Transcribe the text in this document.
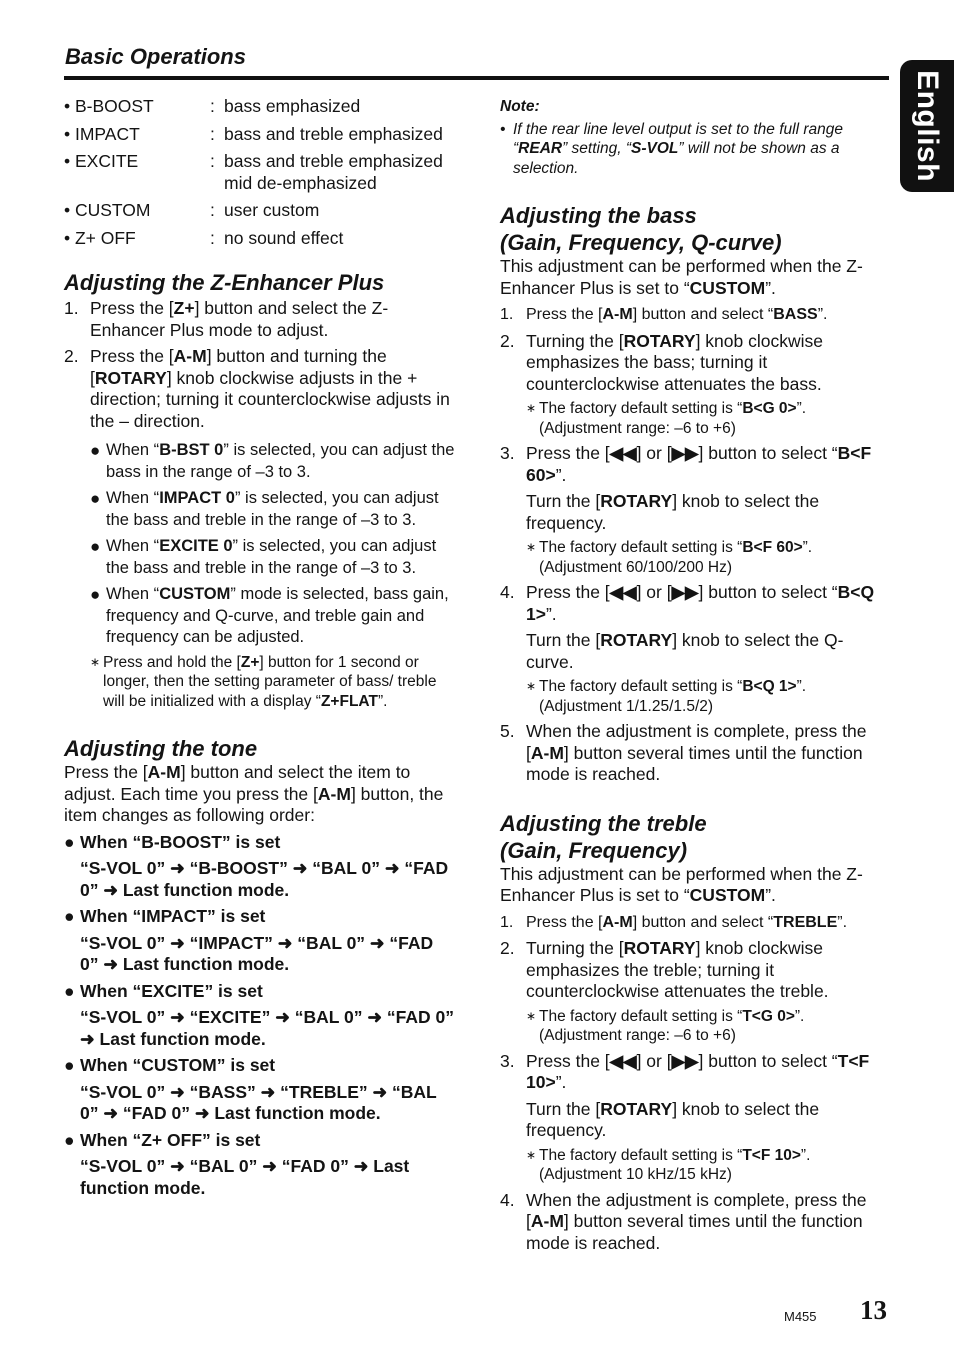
Basic Operations
English
• B-BOOST	: bass emphasized
• IMPACT	: bass and treble emphasized
• EXCITE	: bass and treble emphasized mid de-emphasized
• CUSTOM	: user custom
• Z+ OFF	: no sound effect
Adjusting the Z-Enhancer Plus
1. Press the [Z+] button and select the Z-Enhancer Plus mode to adjust.
2. Press the [A-M] button and turning the [ROTARY] knob clockwise adjusts in the + direction; turning it counterclockwise adjusts in the – direction.
● When “B-BST 0” is selected, you can adjust the bass in the range of –3 to 3.
● When “IMPACT 0” is selected, you can adjust the bass and treble in the range of –3 to 3.
● When “EXCITE 0” is selected, you can adjust the bass and treble in the range of –3 to 3.
● When “CUSTOM” mode is selected, bass gain, frequency and Q-curve, and treble gain and frequency can be adjusted.
∗ Press and hold the [Z+] button for 1 second or longer, then the setting parameter of bass/ treble will be initialized with a display “Z+FLAT”.
Adjusting the tone
Press the [A-M] button and select the item to adjust. Each time you press the [A-M] button, the item changes as following order:
● When “B-BOOST” is set
“S-VOL 0” ➜ “B-BOOST” ➜ “BAL 0” ➜ “FAD 0” ➜ Last function mode.
● When “IMPACT” is set
“S-VOL 0” ➜ “IMPACT” ➜ “BAL 0” ➜ “FAD 0” ➜ Last function mode.
● When “EXCITE” is set
“S-VOL 0” ➜ “EXCITE” ➜ “BAL 0” ➜ “FAD 0” ➜ Last function mode.
● When “CUSTOM” is set
“S-VOL 0” ➜ “BASS” ➜ “TREBLE” ➜ “BAL 0” ➜ “FAD 0” ➜ Last function mode.
● When “Z+ OFF” is set
“S-VOL 0” ➜ “BAL 0” ➜ “FAD 0” ➜ Last function mode.
Note:
• If the rear line level output is set to the full range “REAR” setting, “S-VOL” will not be shown as a selection.
Adjusting the bass
(Gain, Frequency, Q-curve)
This adjustment can be performed when the Z-Enhancer Plus is set to “CUSTOM”.
1. Press the [A-M] button and select “BASS”.
2. Turning the [ROTARY] knob clockwise emphasizes the bass; turning it counterclockwise attenuates the bass.
∗ The factory default setting is “B<G 0>”. (Adjustment range: –6 to +6)
3. Press the [◀◀] or [▶▶] button to select “B<F 60>”.
Turn the [ROTARY] knob to select the frequency.
∗ The factory default setting is “B<F 60>”. (Adjustment 60/100/200 Hz)
4. Press the [◀◀] or [▶▶] button to select “B<Q 1>”.
Turn the [ROTARY] knob to select the Q-curve.
∗ The factory default setting is “B<Q 1>”. (Adjustment 1/1.25/1.5/2)
5. When the adjustment is complete, press the [A-M] button several times until the function mode is reached.
Adjusting the treble
(Gain, Frequency)
This adjustment can be performed when the Z-Enhancer Plus is set to “CUSTOM”.
1. Press the [A-M] button and select “TREBLE”.
2. Turning the [ROTARY] knob clockwise emphasizes the treble; turning it counterclockwise attenuates the treble.
∗ The factory default setting is “T<G 0>”. (Adjustment range: –6 to +6)
3. Press the [◀◀] or [▶▶] button to select “T<F 10>”.
Turn the [ROTARY] knob to select the frequency.
∗ The factory default setting is “T<F 10>”. (Adjustment 10 kHz/15 kHz)
4. When the adjustment is complete, press the [A-M] button several times until the function mode is reached.
M455 13
